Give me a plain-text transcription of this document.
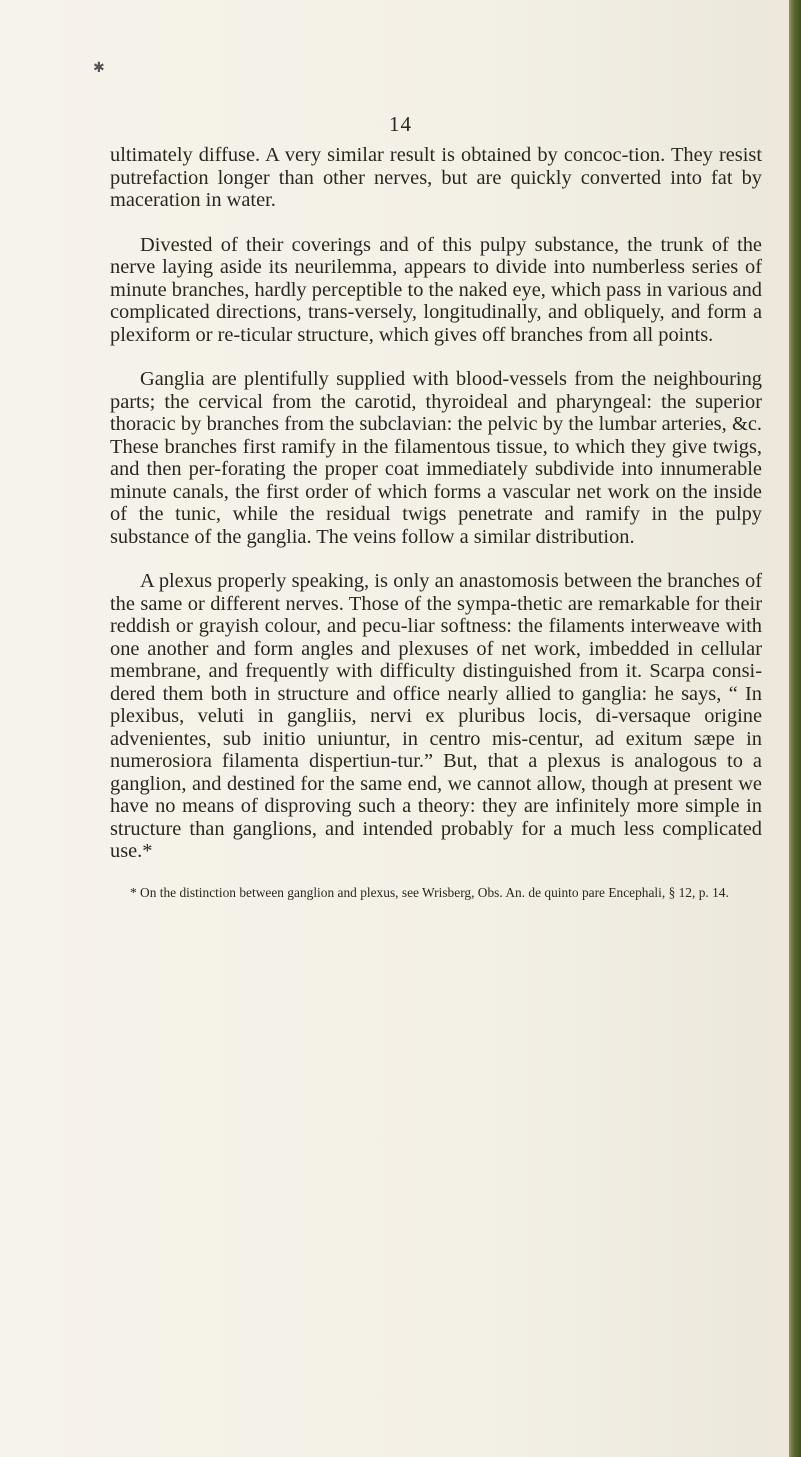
✱
14

ultimately diffuse. A very similar result is obtained by concoc-tion. They resist putrefaction longer than other nerves, but are quickly converted into fat by maceration in water.

Divested of their coverings and of this pulpy substance, the trunk of the nerve laying aside its neurilemma, appears to divide into numberless series of minute branches, hardly perceptible to the naked eye, which pass in various and complicated directions, trans-versely, longitudinally, and obliquely, and form a plexiform or re-ticular structure, which gives off branches from all points.

Ganglia are plentifully supplied with blood-vessels from the neighbouring parts; the cervical from the carotid, thyroideal and pharyngeal: the superior thoracic by branches from the subclavian: the pelvic by the lumbar arteries, &c. These branches first ramify in the filamentous tissue, to which they give twigs, and then per-forating the proper coat immediately subdivide into innumerable minute canals, the first order of which forms a vascular net work on the inside of the tunic, while the residual twigs penetrate and ramify in the pulpy substance of the ganglia. The veins follow a similar distribution.

A plexus properly speaking, is only an anastomosis between the branches of the same or different nerves. Those of the sympa-thetic are remarkable for their reddish or grayish colour, and pecu-liar softness: the filaments interweave with one another and form angles and plexuses of net work, imbedded in cellular membrane, and frequently with difficulty distinguished from it. Scarpa consi-dered them both in structure and office nearly allied to ganglia: he says, “ In plexibus, veluti in gangliis, nervi ex pluribus locis, di-versaque origine advenientes, sub initio uniuntur, in centro mis-centur, ad exitum sæpe in numerosiora filamenta dispertiun-tur.” But, that a plexus is analogous to a ganglion, and destined for the same end, we cannot allow, though at present we have no means of disproving such a theory: they are infinitely more simple in structure than ganglions, and intended probably for a much less complicated use.*

* On the distinction between ganglion and plexus, see Wrisberg, Obs. An. de quinto pare Encephali, § 12, p. 14.
